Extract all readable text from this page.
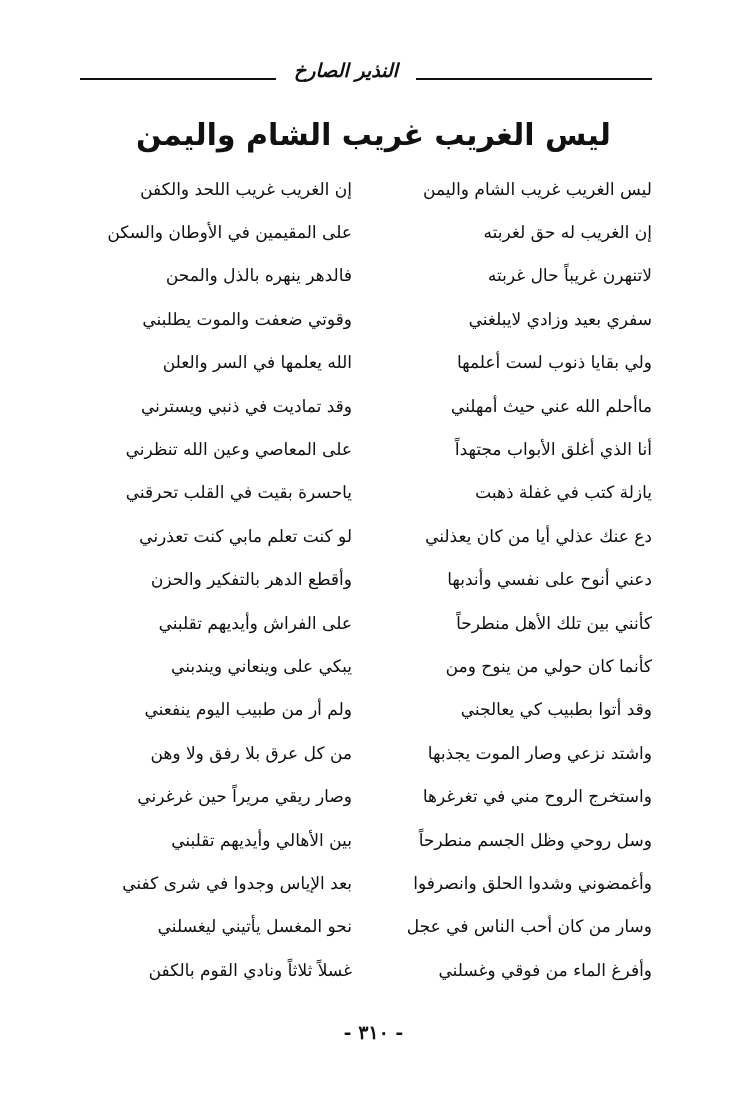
النذير الصارخ
ليس الغريب غريب الشام واليمن
ليس الغريب غريب الشام واليمن
إن الغريب غريب اللحد والكفن
إن الغريب له حق لغربته
على المقيمين في الأوطان والسكن
لاتنهرن غريباً حال غربته
فالدهر ينهره بالذل والمحن
سفري بعيد وزادي لايبلغني
وقوتي ضعفت والموت يطلبني
ولي بقايا ذنوب لست أعلمها
الله يعلمها في السر والعلن
ماأحلم الله عني حيث أمهلني
وقد تماديت في ذنبي ويسترني
أنا الذي أغلق الأبواب مجتهداً
على المعاصي وعين الله تنظرني
يازلة كتب في غفلة ذهبت
ياحسرة بقيت في القلب تحرقني
دع عنك عذلي أيا من كان يعذلني
لو كنت تعلم مابي كنت تعذرني
دعني أنوح على نفسي وأندبها
وأقطع الدهر بالتفكير والحزن
كأنني بين تلك الأهل منطرحاً
على الفراش وأيديهم تقلبني
كأنما كان حولي من ينوح ومن
يبكي على وينعاني ويندبني
وقد أتوا بطبيب كي يعالجني
ولم أر من طبيب اليوم ينفعني
واشتد نزعي وصار الموت يجذبها
من كل عرق بلا رفق ولا وهن
واستخرج الروح مني في تغرغرها
وصار ريقي مريراً حين غرغرني
وسل روحي وظل الجسم منطرحاً
بين الأهالي وأيديهم تقلبني
وأغمضوني وشدوا الحلق وانصرفوا
بعد الإياس وجدوا في شرى كفني
وسار من كان أحب الناس في عجل
نحو المغسل يأتيني ليغسلني
وأفرغ الماء من فوقي وغسلني
غسلاً ثلاثاً ونادي القوم بالكفن
- ٣١٠ -
